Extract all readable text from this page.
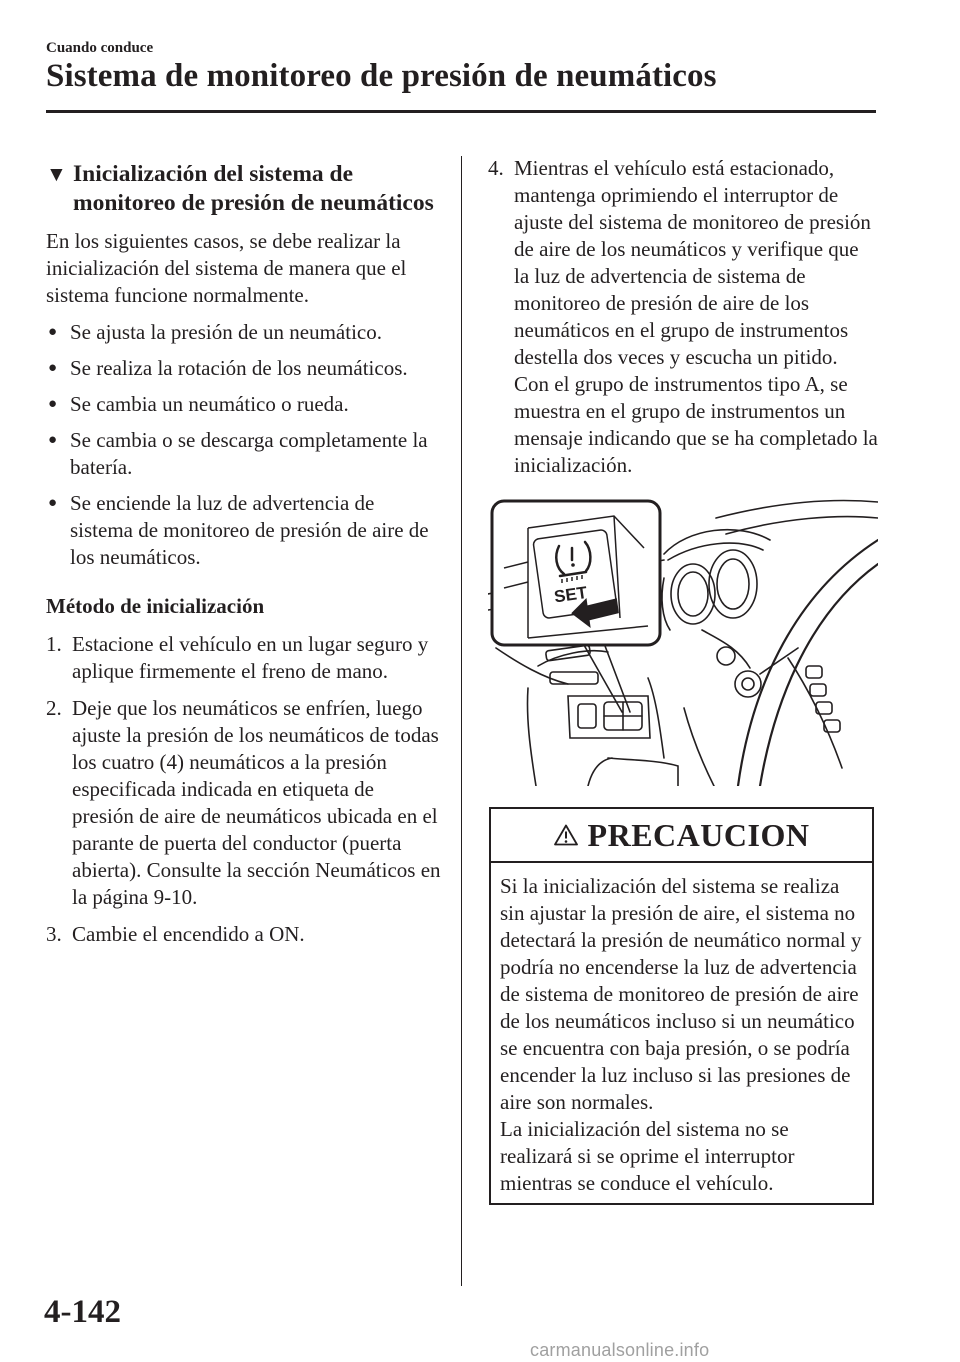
Cuando conduce
Sistema de monitoreo de presión de neumáticos
▼ Inicialización del sistema de
monitoreo de presión de neumáticos

En los siguientes casos, se debe realizar la inicialización del sistema de manera que el sistema funcione normalmente.

● Se ajusta la presión de un neumático.
● Se realiza la rotación de los neumáticos.
● Se cambia un neumático o rueda.
● Se cambia o se descarga completamente la batería.
● Se enciende la luz de advertencia de sistema de monitoreo de presión de aire de los neumáticos.

Método de inicialización

1. Estacione el vehículo en un lugar seguro y aplique firmemente el freno de mano.
2. Deje que los neumáticos se enfríen, luego ajuste la presión de los neumáticos de todas los cuatro (4) neumáticos a la presión especificada indicada en etiqueta de presión de aire de neumáticos ubicada en el parante de puerta del conductor (puerta abierta). Consulte la sección Neumáticos en la página 9-10.
3. Cambie el encendido a ON.
4. Mientras el vehículo está estacionado, mantenga oprimiendo el interruptor de ajuste del sistema de monitoreo de presión de aire de los neumáticos y verifique que la luz de advertencia de sistema de monitoreo de presión de aire de los neumáticos en el grupo de instrumentos destella dos veces y escucha un pitido.
Con el grupo de instrumentos tipo A, se muestra en el grupo de instrumentos un mensaje indicando que se ha completado la inicialización.
SET
PRECAUCION

Si la inicialización del sistema se realiza sin ajustar la presión de aire, el sistema no detectará la presión de neumático normal y podría no encenderse la luz de advertencia de sistema de monitoreo de presión de aire de los neumáticos incluso si un neumático se encuentra con baja presión, o se podría encender la luz incluso si las presiones de aire son normales.

La inicialización del sistema no se realizará si se oprime el interruptor mientras se conduce el vehículo.

4-142
carmanualsonline.info
